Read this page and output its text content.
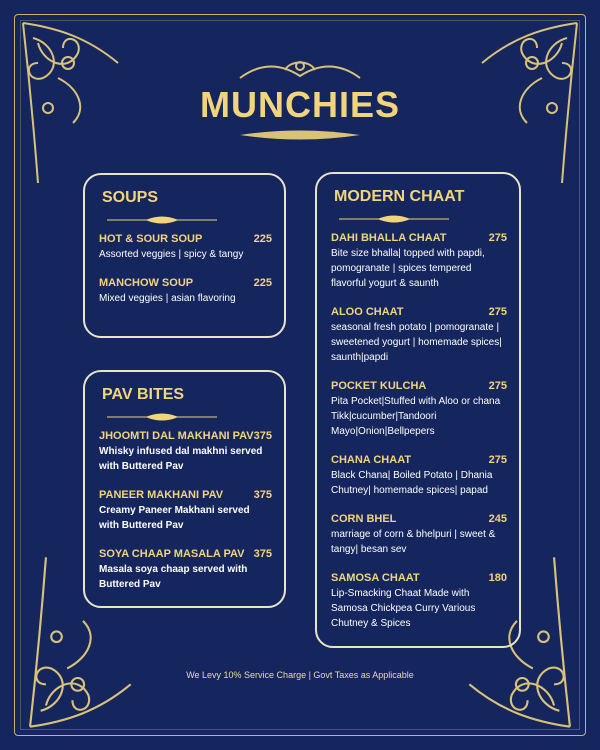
MUNCHIES
SOUPS
HOT & SOUR SOUP	225
Assorted veggies | spicy & tangy
MANCHOW SOUP	225
Mixed veggies | asian flavoring
PAV BITES
JHOOMTI DAL MAKHANI PAV 375
Whisky infused dal makhni served with Buttered Pav
PANEER MAKHANI PAV	375
Creamy Paneer Makhani served with Buttered Pav
SOYA CHAAP MASALA PAV 375
Masala soya chaap served with Buttered Pav
MODERN CHAAT
DAHI BHALLA CHAAT	275
Bite size bhalla| topped with papdi, pomogranate | spices tempered flavorful yogurt & saunth
ALOO CHAAT	275
seasonal fresh potato | pomogranate | sweetened yogurt | homemade spices| saunth|papdi
POCKET KULCHA	275
Pita Pocket|Stuffed with Aloo or chana Tikk|cucumber|Tandoori Mayo|Onion|Bellpepers
CHANA CHAAT	275
Black Chana| Boiled Potato | Dhania Chutney| homemade spices| papad
CORN BHEL	245
marriage of corn & bhelpuri | sweet & tangy| besan sev
SAMOSA CHAAT	180
Lip-Smacking Chaat Made with Samosa Chickpea Curry Various Chutney & Spices
We Levy 10% Service Charge | Govt Taxes as Applicable
